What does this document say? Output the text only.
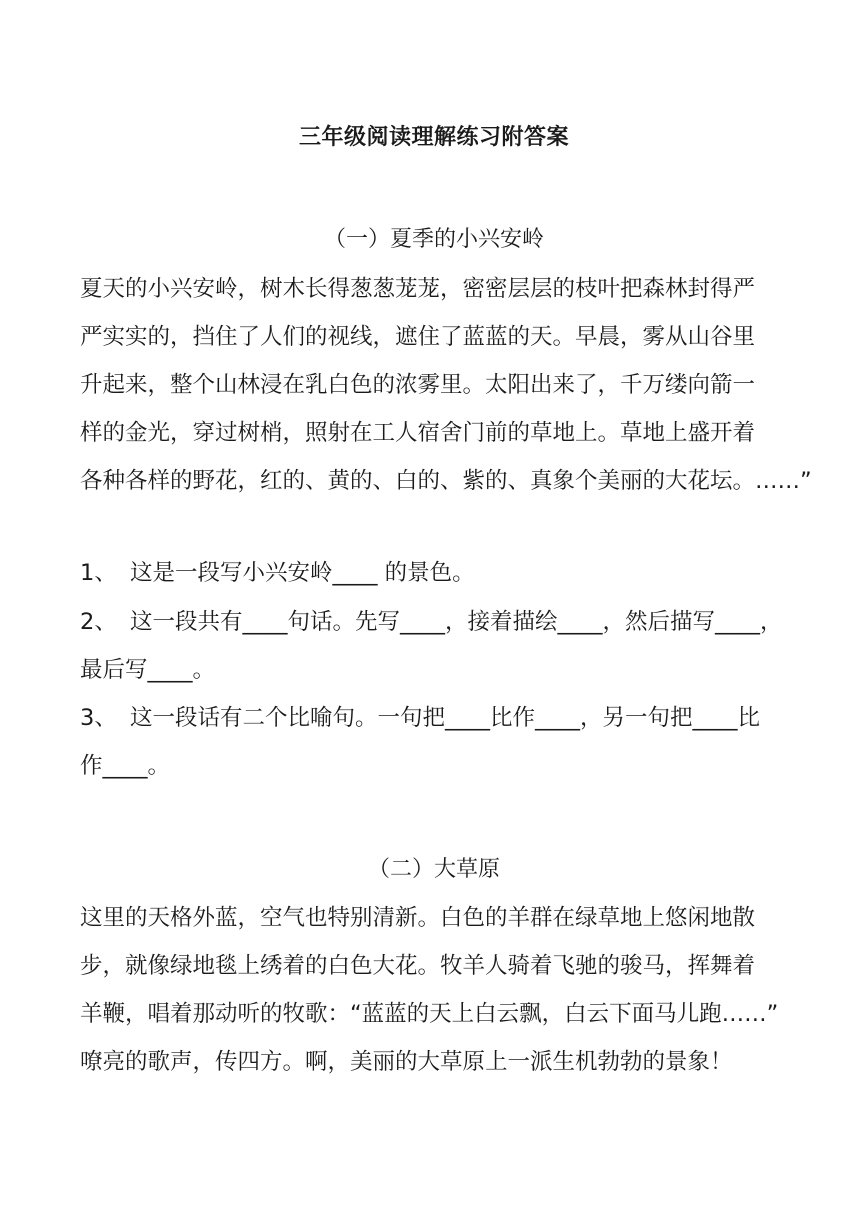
三年级阅读理解练习附答案
（一）夏季的小兴安岭
夏天的小兴安岭，树木长得葱葱茏茏，密密层层的枝叶把森林封得严
严实实的，挡住了人们的视线，遮住了蓝蓝的天。早晨，雾从山谷里
升起来，整个山林浸在乳白色的浓雾里。太阳出来了，千万缕向箭一
样的金光，穿过树梢，照射在工人宿舍门前的草地上。草地上盛开着
各种各样的野花，红的、黄的、白的、紫的、真象个美丽的大花坛。……”
1、 这是一段写小兴安岭____ 的景色。
2、 这一段共有____句话。先写____，接着描绘____，然后描写____，
最后写____。
3、 这一段话有二个比喻句。一句把____比作____，另一句把____比
作____。
（二）大草原
这里的天格外蓝，空气也特别清新。白色的羊群在绿草地上悠闲地散
步，就像绿地毯上绣着的白色大花。牧羊人骑着飞驰的骏马，挥舞着
羊鞭，唱着那动听的牧歌：“蓝蓝的天上白云飘，白云下面马儿跑……”
嘹亮的歌声，传四方。啊，美丽的大草原上一派生机勃勃的景象！
